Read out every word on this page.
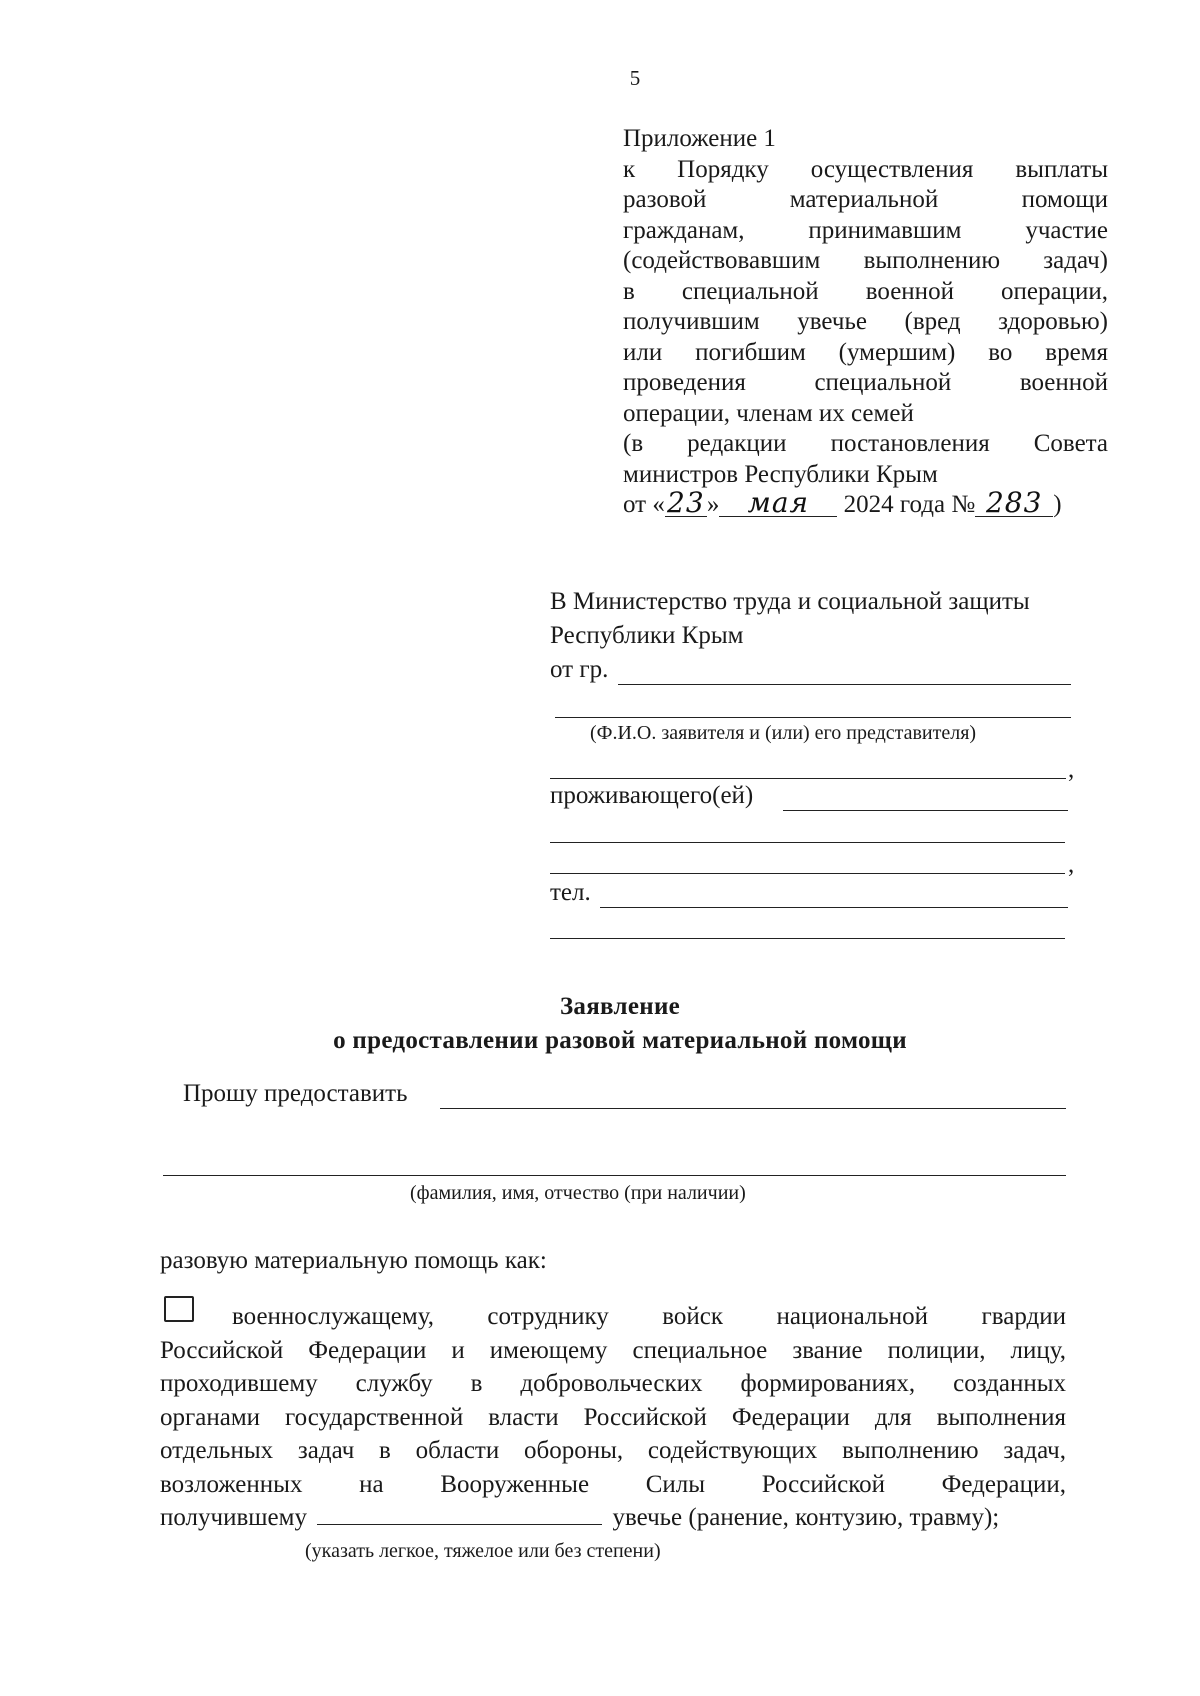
5
Приложение 1
к Порядку осуществления выплаты
разовой материальной помощи
гражданам, принимавшим участие
(содействовавшим выполнению задач)
в специальной военной операции,
получившим увечье (вред здоровью)
или погибшим (умершим) во время
проведения специальной военной
операции, членам их семей
(в редакции постановления Совета
министров Республики Крым
от «23» мая 2024 года № 283 )
В Министерство труда и социальной защиты
Республики Крым
от гр.
(Ф.И.О. заявителя и (или) его представителя)
,
проживающего(ей)
,
тел.
Заявление
о предоставлении разовой материальной помощи
Прошу предоставить
(фамилия, имя, отчество (при наличии)
разовую материальную помощь как:
военнослужащему, сотруднику войск национальной гвардии
Российской Федерации и имеющему специальное звание полиции, лицу,
проходившему службу в добровольческих формированиях, созданных
органами государственной власти Российской Федерации для выполнения
отдельных задач в области обороны, содействующих выполнению задач,
возложенных на Вооруженные Силы Российской Федерации,
получившему	увечье (ранение, контузию, травму);
(указать легкое, тяжелое или без степени)
